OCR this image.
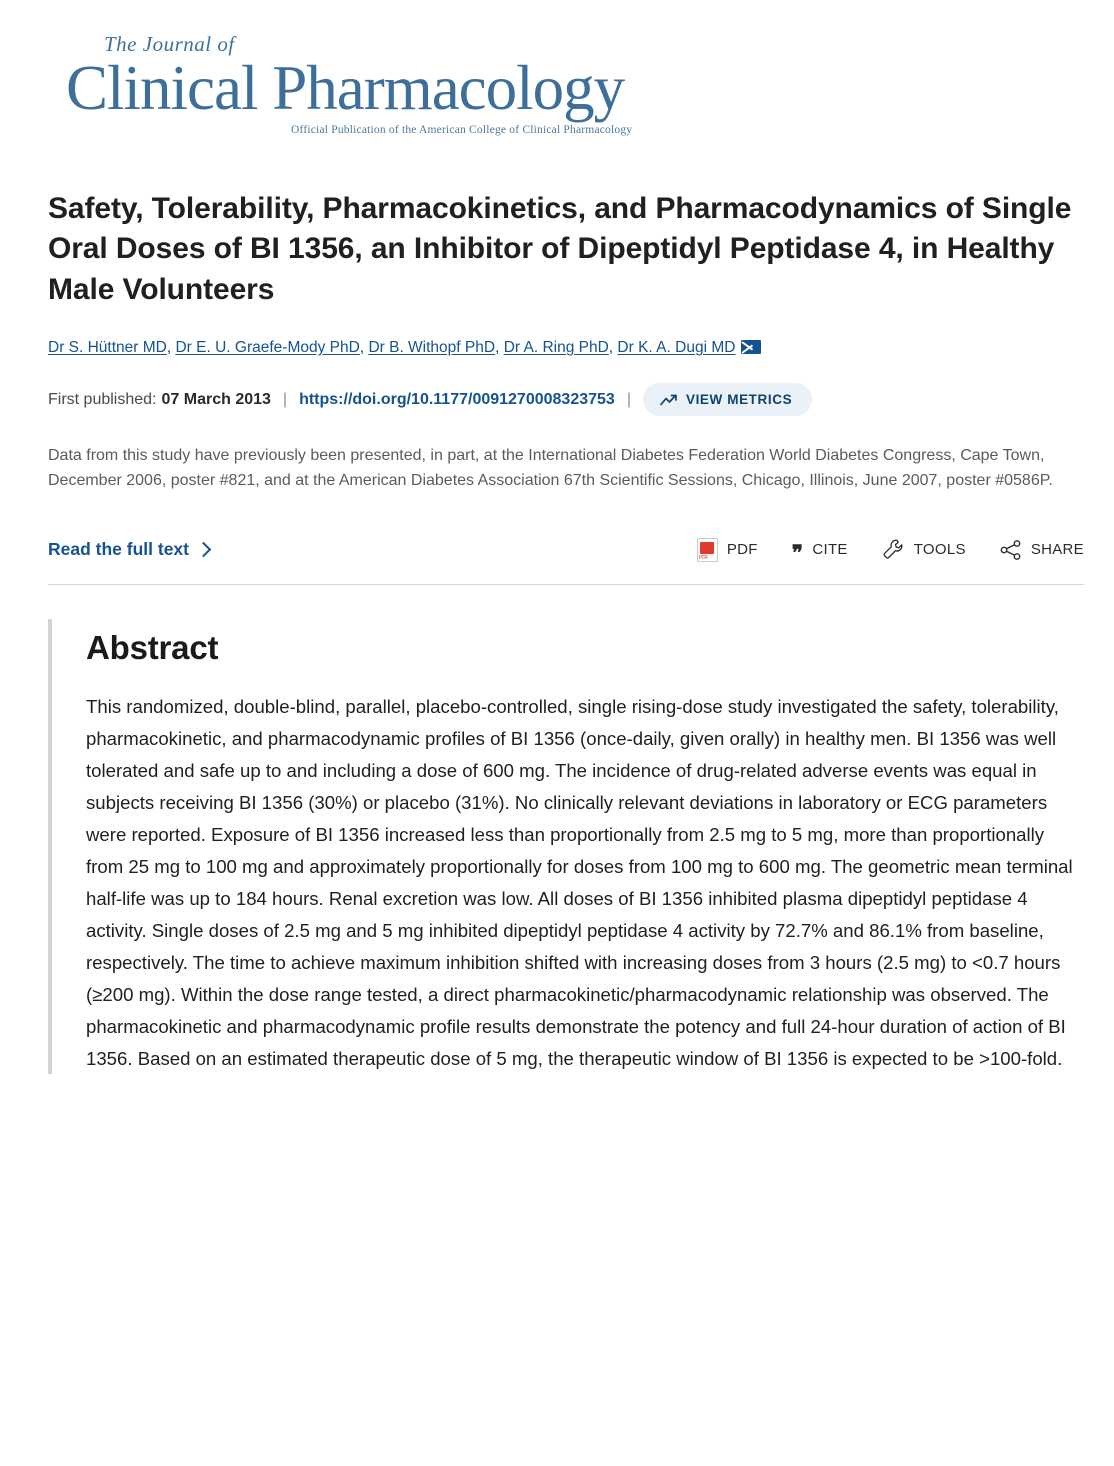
The Journal of
Clinical Pharmacology
Official Publication of the American College of Clinical Pharmacology
Safety, Tolerability, Pharmacokinetics, and Pharmacodynamics of Single Oral Doses of BI 1356, an Inhibitor of Dipeptidyl Peptidase 4, in Healthy Male Volunteers
Dr S. Hüttner MD, Dr E. U. Graefe-Mody PhD, Dr B. Withopf PhD, Dr A. Ring PhD, Dr K. A. Dugi MD
First published: 07 March 2013 | https://doi.org/10.1177/0091270008323753 |	VIEW METRICS

Data from this study have previously been presented, in part, at the International Diabetes Federation World Diabetes Congress, Cape Town, December 2006, poster #821, and at the American Diabetes Association 67th Scientific Sessions, Chicago, Illinois, June 2007, poster #0586P.

Read the full text PDF	PDF ❞ CITE	TOOLS	SHARE
Abstract

This randomized, double-blind, parallel, placebo-controlled, single rising-dose study investigated the safety, tolerability, pharmacokinetic, and pharmacodynamic profiles of BI 1356 (once-daily, given orally) in healthy men. BI 1356 was well tolerated and safe up to and including a dose of 600 mg. The incidence of drug-related adverse events was equal in subjects receiving BI 1356 (30%) or placebo (31%). No clinically relevant deviations in laboratory or ECG parameters were reported. Exposure of BI 1356 increased less than proportionally from 2.5 mg to 5 mg, more than proportionally from 25 mg to 100 mg and approximately proportionally for doses from 100 mg to 600 mg. The geometric mean terminal half-life was up to 184 hours. Renal excretion was low. All doses of BI 1356 inhibited plasma dipeptidyl peptidase 4 activity. Single doses of 2.5 mg and 5 mg inhibited dipeptidyl peptidase 4 activity by 72.7% and 86.1% from baseline, respectively. The time to achieve maximum inhibition shifted with increasing doses from 3 hours (2.5 mg) to <0.7 hours (≥200 mg). Within the dose range tested, a direct pharmacokinetic/pharmacodynamic relationship was observed. The pharmacokinetic and pharmacodynamic profile results demonstrate the potency and full 24-hour duration of action of BI 1356. Based on an estimated therapeutic dose of 5 mg, the therapeutic window of BI 1356 is expected to be >100-fold.
